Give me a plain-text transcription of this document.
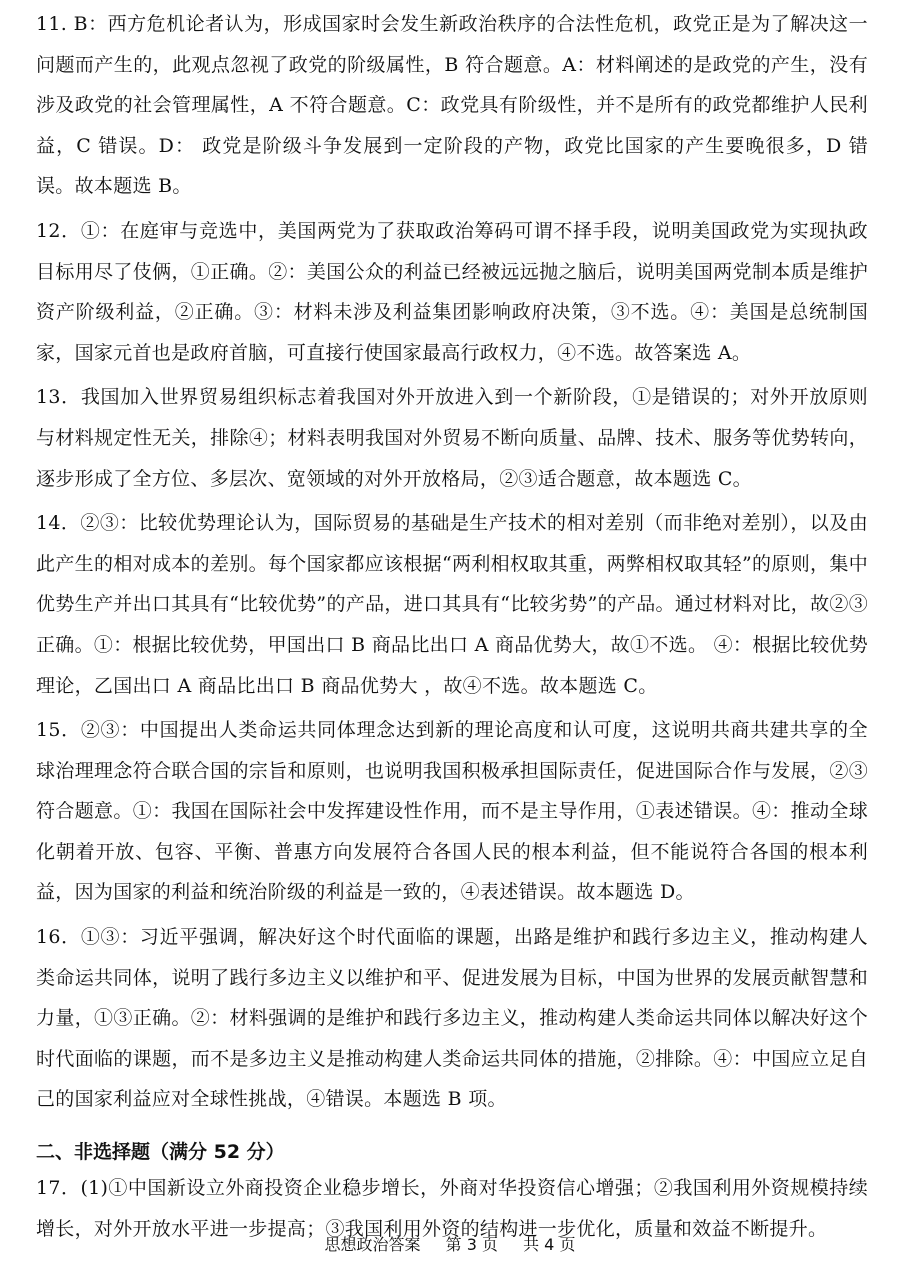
11. B：西方危机论者认为，形成国家时会发生新政治秩序的合法性危机，政党正是为了解决这一问题而产生的，此观点忽视了政党的阶级属性，B 符合题意。A：材料阐述的是政党的产生，没有涉及政党的社会管理属性，A 不符合题意。C：政党具有阶级性，并不是所有的政党都维护人民利益，C 错误。D： 政党是阶级斗争发展到一定阶段的产物，政党比国家的产生要晚很多，D 错误。故本题选 B。

12．①：在庭审与竞选中，美国两党为了获取政治筹码可谓不择手段，说明美国政党为实现执政目标用尽了伎俩，①正确。②：美国公众的利益已经被远远抛之脑后，说明美国两党制本质是维护资产阶级利益，②正确。③：材料未涉及利益集团影响政府决策，③不选。④：美国是总统制国家，国家元首也是政府首脑，可直接行使国家最高行政权力，④不选。故答案选 A。

13．我国加入世界贸易组织标志着我国对外开放进入到一个新阶段，①是错误的；对外开放原则与材料规定性无关，排除④；材料表明我国对外贸易不断向质量、品牌、技术、服务等优势转向，逐步形成了全方位、多层次、宽领域的对外开放格局，②③适合题意，故本题选 C。

14．②③：比较优势理论认为，国际贸易的基础是生产技术的相对差别（而非绝对差别），以及由此产生的相对成本的差别。每个国家都应该根据“两利相权取其重，两弊相权取其轻”的原则，集中优势生产并出口其具有“比较优势”的产品，进口其具有“比较劣势”的产品。通过材料对比，故②③正确。①：根据比较优势，甲国出口 B 商品比出口 A 商品优势大，故①不选。 ④：根据比较优势理论，乙国出口 A 商品比出口 B 商品优势大 ，故④不选。故本题选 C。

15．②③：中国提出人类命运共同体理念达到新的理论高度和认可度，这说明共商共建共享的全球治理理念符合联合国的宗旨和原则，也说明我国积极承担国际责任，促进国际合作与发展，②③符合题意。①：我国在国际社会中发挥建设性作用，而不是主导作用，①表述错误。④：推动全球化朝着开放、包容、平衡、普惠方向发展符合各国人民的根本利益，但不能说符合各国的根本利益，因为国家的利益和统治阶级的利益是一致的，④表述错误。故本题选 D。

16．①③：习近平强调，解决好这个时代面临的课题，出路是维护和践行多边主义，推动构建人类命运共同体，说明了践行多边主义以维护和平、促进发展为目标，中国为世界的发展贡献智慧和力量，①③正确。②：材料强调的是维护和践行多边主义，推动构建人类命运共同体以解决好这个时代面临的课题，而不是多边主义是推动构建人类命运共同体的措施，②排除。④：中国应立足自己的国家利益应对全球性挑战，④错误。本题选 B 项。

二、非选择题（满分 52 分）

17．(1)①中国新设立外商投资企业稳步增长，外商对华投资信心增强；②我国利用外资规模持续增长，对外开放水平进一步提高；③我国利用外资的结构进一步优化，质量和效益不断提升。

思想政治答案 第 3 页 共 4 页
